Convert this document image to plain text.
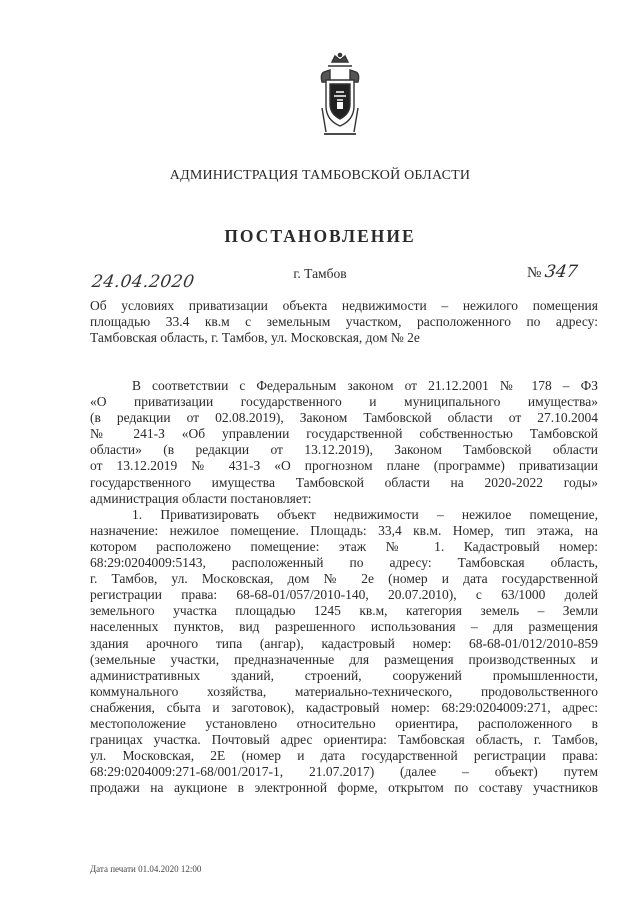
АДМИНИСТРАЦИЯ ТАМБОВСКОЙ ОБЛАСТИ
ПОСТАНОВЛЕНИЕ
24.04.2020	г. Тамбов	№ 347
Об условиях приватизации объекта недвижимости – нежилого помещения
площадью 33.4 кв.м с земельным участком, расположенного по адресу:
Тамбовская область, г. Тамбов, ул. Московская, дом № 2е
В соответствии с Федеральным законом от 21.12.2001 № 178 – ФЗ
«О приватизации государственного и муниципального имущества»
(в редакции от 02.08.2019), Законом Тамбовской области от 27.10.2004
№ 241-З «Об управлении государственной собственностью Тамбовской
области» (в редакции от 13.12.2019), Законом Тамбовской области
от 13.12.2019 № 431-З «О прогнозном плане (программе) приватизации
государственного имущества Тамбовской области на 2020-2022 годы»
администрация области постановляет:
1. Приватизировать объект недвижимости – нежилое помещение,
назначение: нежилое помещение. Площадь: 33,4 кв.м. Номер, тип этажа, на
котором расположено помещение: этаж № 1. Кадастровый номер:
68:29:0204009:5143, расположенный по адресу: Тамбовская область,
г. Тамбов, ул. Московская, дом № 2е (номер и дата государственной
регистрации права: 68-68-01/057/2010-140, 20.07.2010), с 63/1000 долей
земельного участка площадью 1245 кв.м, категория земель – Земли
населенных пунктов, вид разрешенного использования – для размещения
здания арочного типа (ангар), кадастровый номер: 68-68-01/012/2010-859
(земельные участки, предназначенные для размещения производственных и
административных зданий, строений, сооружений промышленности,
коммунального хозяйства, материально-технического, продовольственного
снабжения, сбыта и заготовок), кадастровый номер: 68:29:0204009:271, адрес:
местоположение установлено относительно ориентира, расположенного в
границах участка. Почтовый адрес ориентира: Тамбовская область, г. Тамбов,
ул. Московская, 2Е (номер и дата государственной регистрации права:
68:29:0204009:271-68/001/2017-1, 21.07.2017) (далее – объект) путем
продажи на аукционе в электронной форме, открытом по составу участников
Дата печати 01.04.2020 12:00
